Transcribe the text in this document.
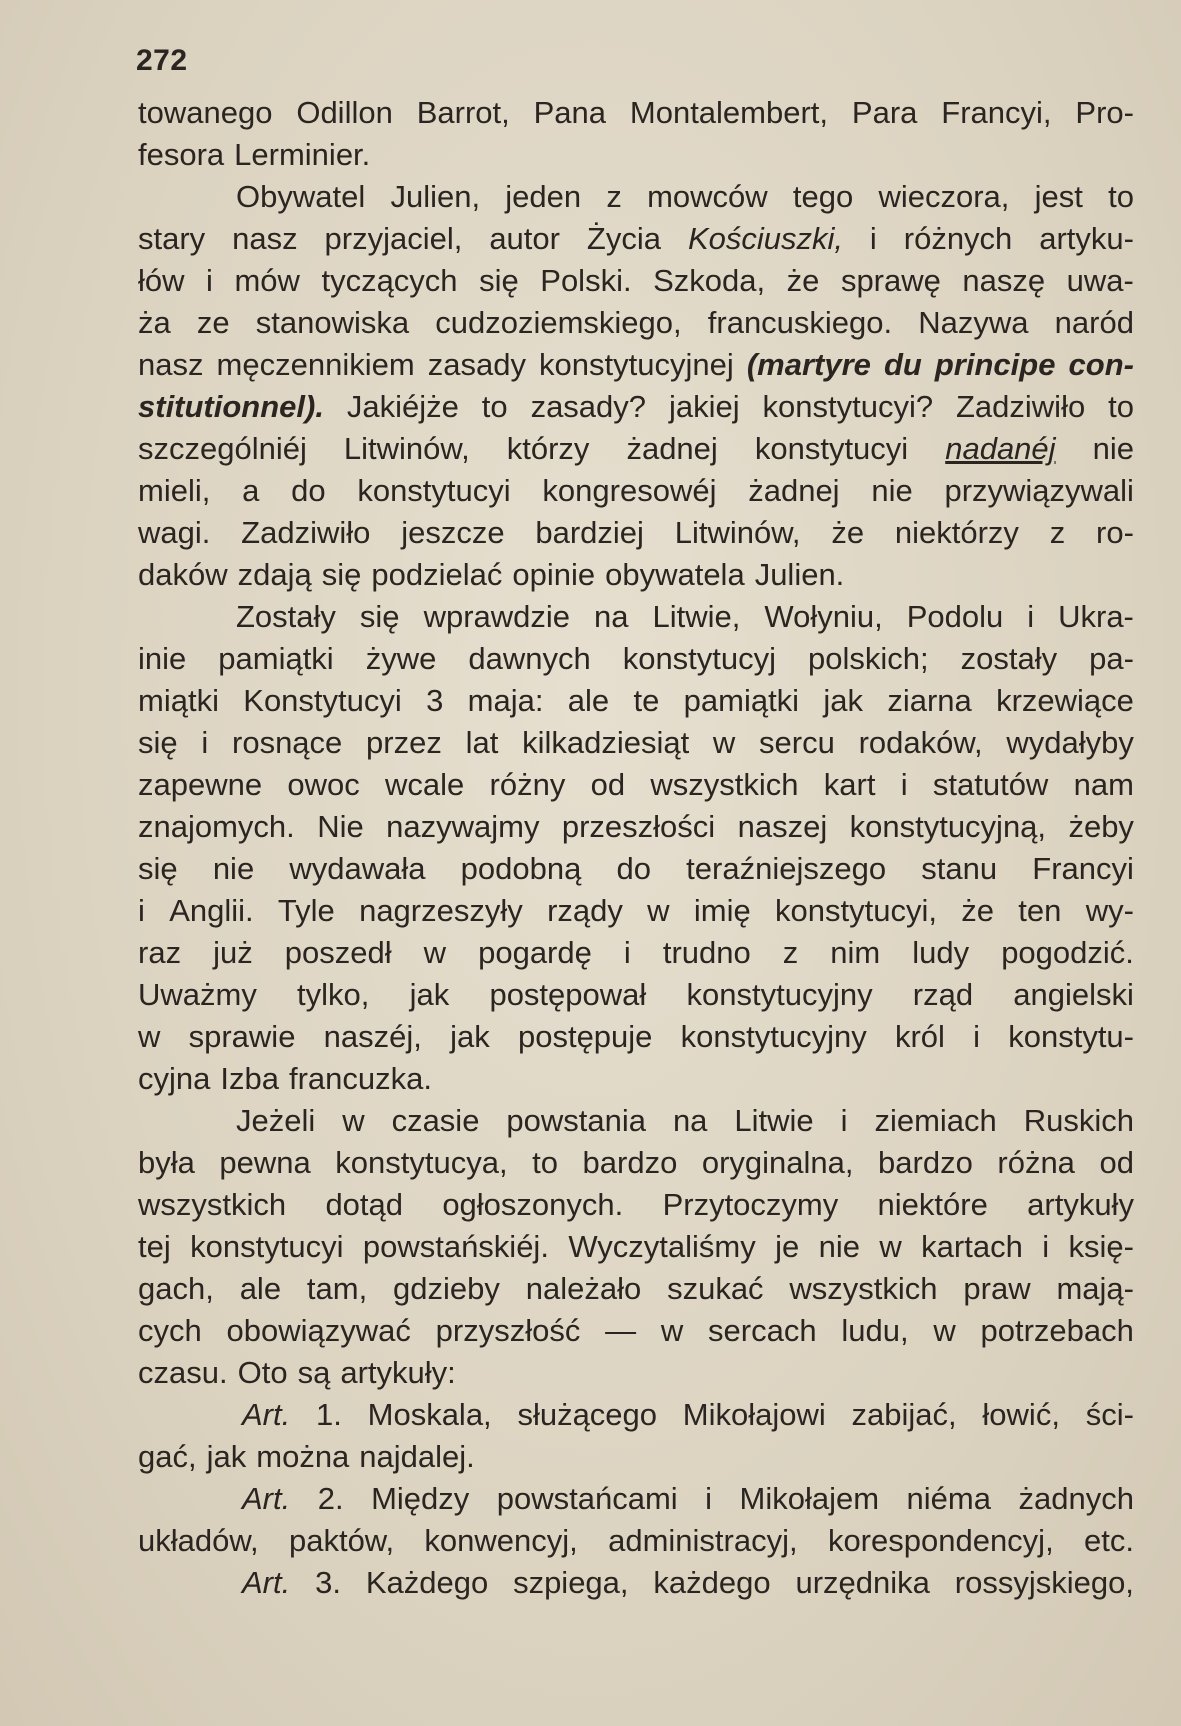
272
towanego Odillon Barrot, Pana Montalembert, Para Francyi, Pro-
fesora Lerminier.
Obywatel Julien, jeden z mowców tego wieczora, jest to
stary nasz przyjaciel, autor Życia Kościuszki, i różnych artyku-
łów i mów tyczących się Polski. Szkoda, że sprawę naszę uwa-
ża ze stanowiska cudzoziemskiego, francuskiego. Nazywa naród
nasz męczennikiem zasady konstytucyjnej (martyre du principe con-
stitutionnel). Jakiéjże to zasady? jakiej konstytucyi? Zadziwiło to
szczególniéj Litwinów, którzy żadnej konstytucyi nadanéj nie
mieli, a do konstytucyi kongresowéj żadnej nie przywiązywali
wagi. Zadziwiło jeszcze bardziej Litwinów, że niektórzy z ro-
daków zdają się podzielać opinie obywatela Julien.
Zostały się wprawdzie na Litwie, Wołyniu, Podolu i Ukra-
inie pamiątki żywe dawnych konstytucyj polskich; zostały pa-
miątki Konstytucyi 3 maja: ale te pamiątki jak ziarna krzewiące
się i rosnące przez lat kilkadziesiąt w sercu rodaków, wydałyby
zapewne owoc wcale różny od wszystkich kart i statutów nam
znajomych. Nie nazywajmy przeszłości naszej konstytucyjną, żeby
się nie wydawała podobną do teraźniejszego stanu Francyi
i Anglii. Tyle nagrzeszyły rządy w imię konstytucyi, że ten wy-
raz już poszedł w pogardę i trudno z nim ludy pogodzić.
Uważmy tylko, jak postępował konstytucyjny rząd angielski
w sprawie naszéj, jak postępuje konstytucyjny król i konstytu-
cyjna Izba francuzka.
Jeżeli w czasie powstania na Litwie i ziemiach Ruskich
była pewna konstytucya, to bardzo oryginalna, bardzo różna od
wszystkich dotąd ogłoszonych. Przytoczymy niektóre artykuły
tej konstytucyi powstańskiéj. Wyczytaliśmy je nie w kartach i księ-
gach, ale tam, gdzieby należało szukać wszystkich praw mają-
cych obowiązywać przyszłość — w sercach ludu, w potrzebach
czasu. Oto są artykuły:
Art. 1. Moskala, służącego Mikołajowi zabijać, łowić, ści-
gać, jak można najdalej.
Art. 2. Między powstańcami i Mikołajem niéma żadnych
układów, paktów, konwencyj, administracyj, korespondencyj, etc.
Art. 3. Każdego szpiega, każdego urzędnika rossyjskiego,
